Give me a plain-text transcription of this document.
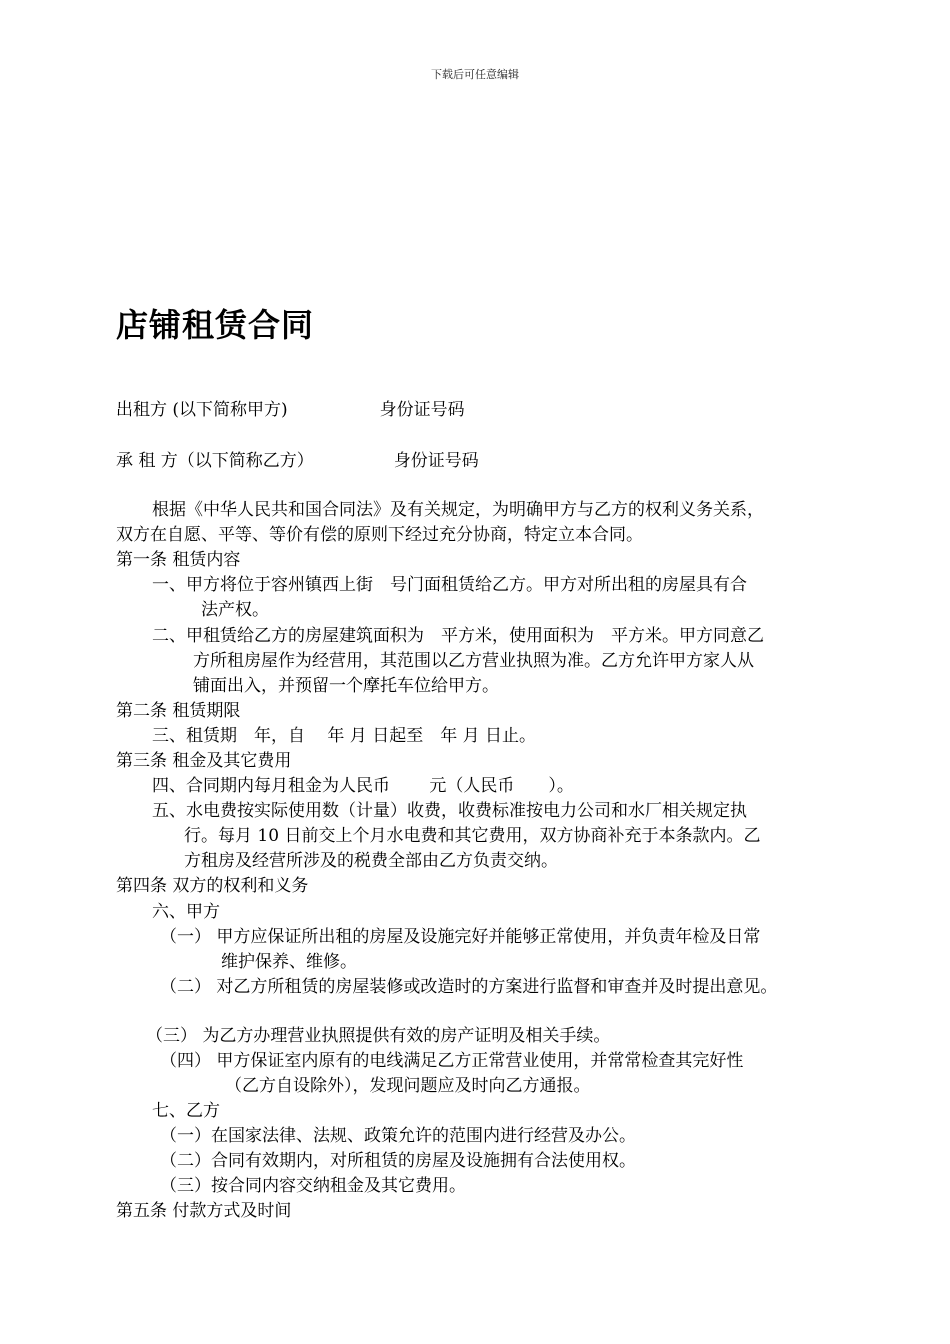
下载后可任意编辑
店铺租赁合同
出租方 (以下简称甲方)	身份证号码
承 租 方（以下简称乙方）	身份证号码
根据《中华人民共和国合同法》及有关规定，为明确甲方与乙方的权利义务关系，
双方在自愿、平等、等价有偿的原则下经过充分协商，特定立本合同。
第一条 租赁内容
一、甲方将位于容州镇西上街　号门面租赁给乙方。甲方对所出租的房屋具有合
法产权。
二、甲租赁给乙方的房屋建筑面积为　平方米，使用面积为　平方米。甲方同意乙
方所租房屋作为经营用，其范围以乙方营业执照为准。乙方允许甲方家人从
铺面出入，并预留一个摩托车位给甲方。
第二条 租赁期限
三、租赁期　年，自　 年 月 日起至　年 月 日止。
第三条 租金及其它费用
四、合同期内每月租金为人民币　　 元（人民币　　）。
五、水电费按实际使用数（计量）收费，收费标准按电力公司和水厂相关规定执
行。每月 10 日前交上个月水电费和其它费用，双方协商补充于本条款内。乙
方租房及经营所涉及的税费全部由乙方负责交纳。
第四条 双方的权利和义务
六、甲方
（一） 甲方应保证所出租的房屋及设施完好并能够正常使用，并负责年检及日常
维护保养、维修。
（二） 对乙方所租赁的房屋装修或改造时的方案进行监督和审查并及时提出意见。
（三） 为乙方办理营业执照提供有效的房产证明及相关手续。
（四） 甲方保证室内原有的电线满足乙方正常营业使用，并常常检查其完好性
（乙方自设除外），发现问题应及时向乙方通报。
七、乙方
（一）在国家法律、法规、政策允许的范围内进行经营及办公。
（二）合同有效期内，对所租赁的房屋及设施拥有合法使用权。
（三）按合同内容交纳租金及其它费用。
第五条 付款方式及时间
